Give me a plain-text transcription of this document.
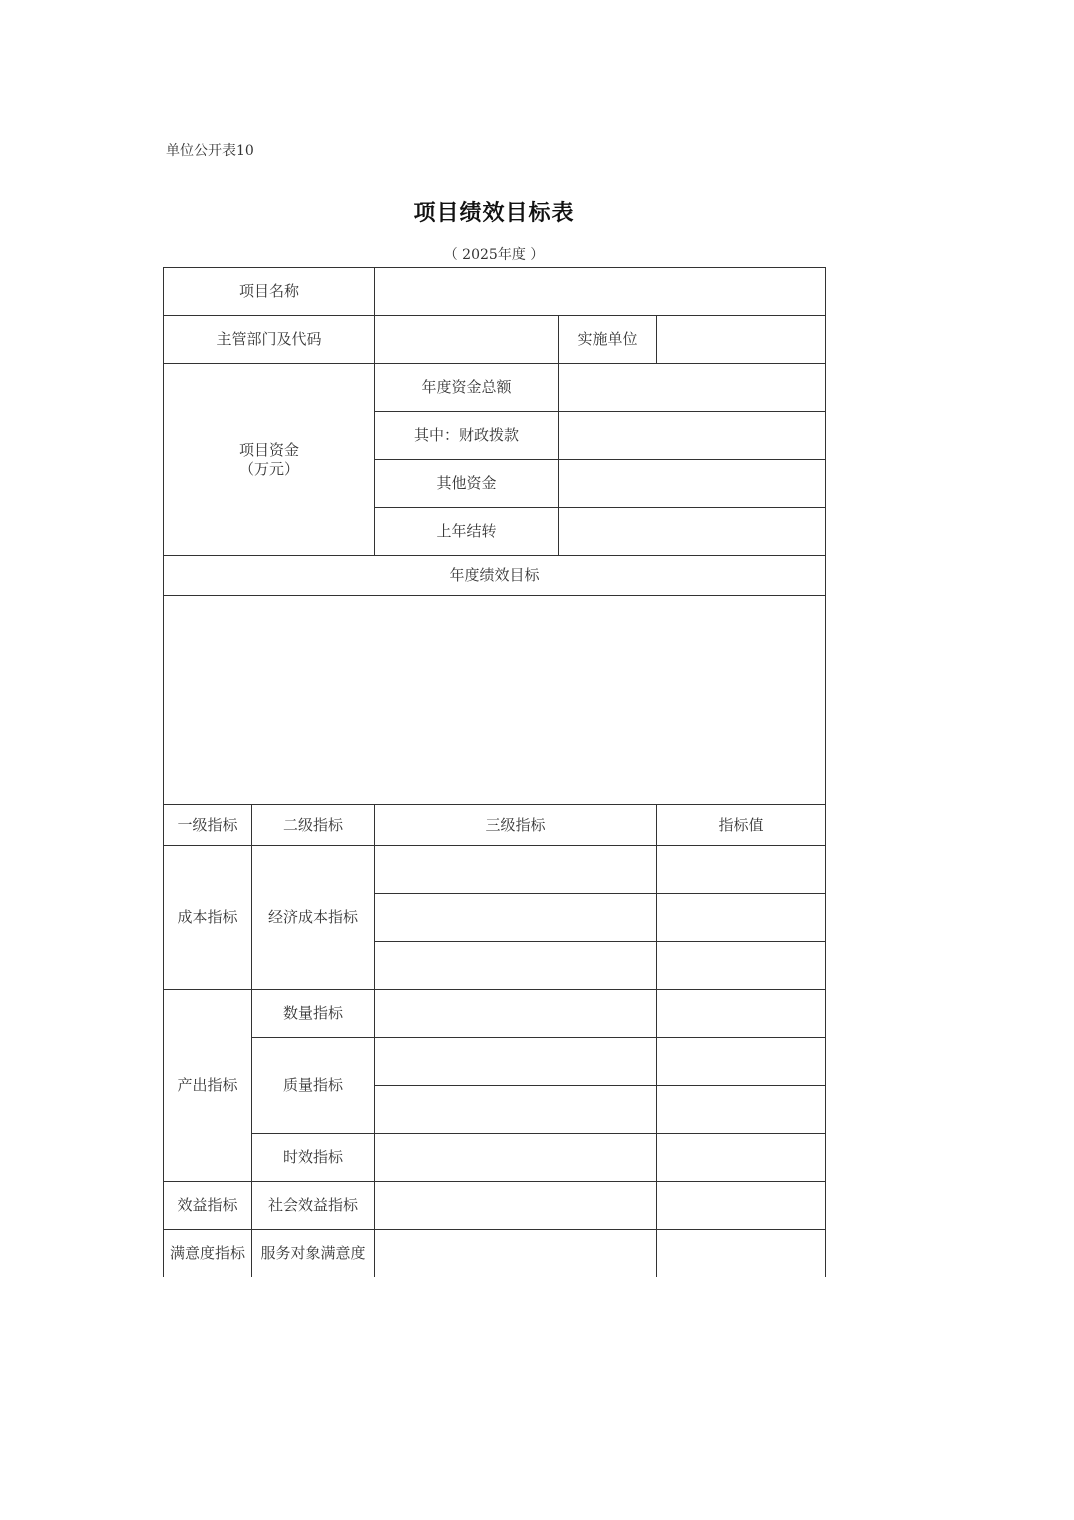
单位公开表10
项目绩效目标表
（ 2025年度 ）
项目名称				
主管部门及代码			实施单位	

项目资金
（万元）		年度资金总额		
		其中：财政拨款		
		其他资金		
		上年结转		
年度绩效目标				

一级指标	二级指标	三级指标		指标值
成本指标	经济成本指标			

产出指标	数量指标			
	质量指标			

	时效指标			
效益指标	社会效益指标			
满意度指标	服务对象满意度			
